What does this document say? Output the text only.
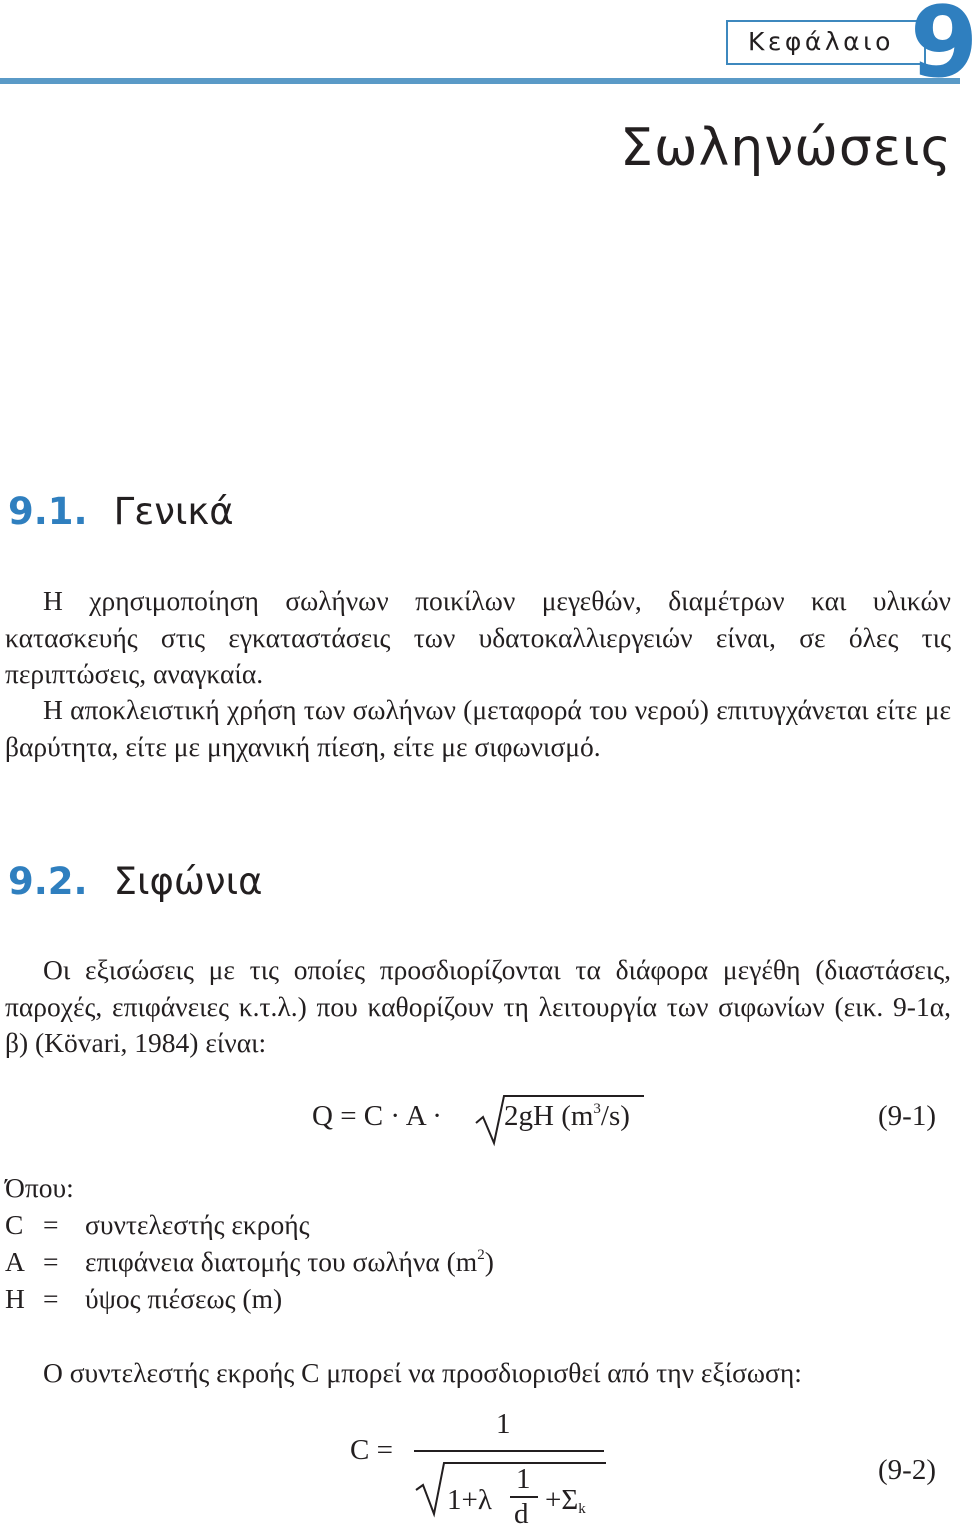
Κεφάλαιο 9
Σωληνώσεις
9.1. Γενικά

Η χρησιμοποίηση σωλήνων ποικίλων μεγεθών, διαμέτρων και υλικών κατασκευής στις εγκαταστάσεις των υδατοκαλλιεργειών είναι, σε όλες τις περιπτώσεις, αναγκαία.

Η αποκλειστική χρήση των σωλήνων (μεταφορά του νερού) επιτυγχάνεται είτε με βαρύτητα, είτε με μηχανική πίεση, είτε με σιφωνισμό.

9.2. Σιφώνια

Οι εξισώσεις με τις οποίες προσδιορίζονται τα διάφορα μεγέθη (διαστάσεις, παροχές, επιφάνειες κ.τ.λ.) που καθορίζουν τη λειτουργία των σιφωνίων (εικ. 9-1α, β) (Kövari, 1984) είναι:

Q = C · A · 2gH $(m^3/s)$	(9-1)
Όπου:
C = συντελεστής εκροής
A = επιφάνεια διατομής του σωλήνα $(m^2)$
H = ύψος πιέσεως (m)
Ο συντελεστής εκροής C μπορεί να προσδιορισθεί από την εξίσωση:
C =
1
1+λ
1
$d +\Sigma_k$
(9-2)
